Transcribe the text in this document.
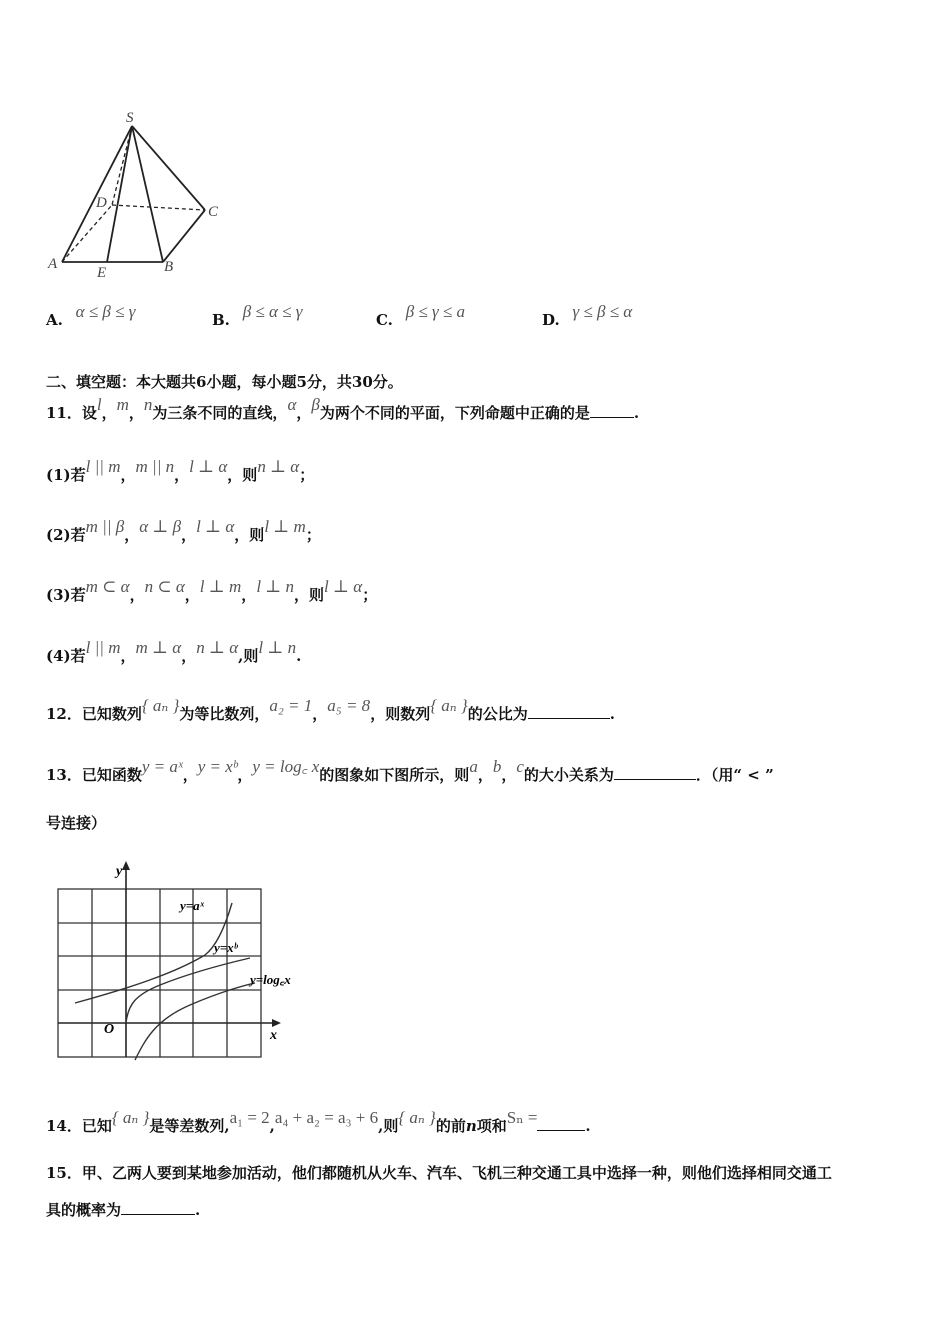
S
D
C
A
E	B
A. α ≤ β ≤ γ	B. β ≤ α ≤ γ	C. β ≤ γ ≤ a	D. γ ≤ β ≤ α
二、填空题：本大题共6小题，每小题5分，共30分。
11．设l，m，n为三条不同的直线，α，β为两个不同的平面，下列命题中正确的是	.
(1)若l || m，m || n，l ⊥ α，则n ⊥ α；
(2)若m || β，α ⊥ β，l ⊥ α，则l ⊥ m；
(3)若m ⊂ α，n ⊂ α，l ⊥ m，l ⊥ n，则l ⊥ α；
(4)若l || m，m ⊥ α，n ⊥ α,则l ⊥ n.
12．已知数列{ aₙ }为等比数列，a₂ = 1，a₅ = 8，则数列{ aₙ }的公比为	.
13．已知函数y = aˣ，y = xᵇ，y = log꜀ x的图象如下图所示，则a，b，c的大小关系为	．（用“ < ”
号连接）
y
x
O
y=aˣ
y=xᵇ
y=log꜀x
14．已知{ aₙ }是等差数列,a₁ = 2,a₄ + a₂ = a₃ + 6,则{ aₙ }的前n项和Sₙ =	.
15．甲、乙两人要到某地参加活动，他们都随机从火车、汽车、飞机三种交通工具中选择一种，则他们选择相同交通工
具的概率为	.
